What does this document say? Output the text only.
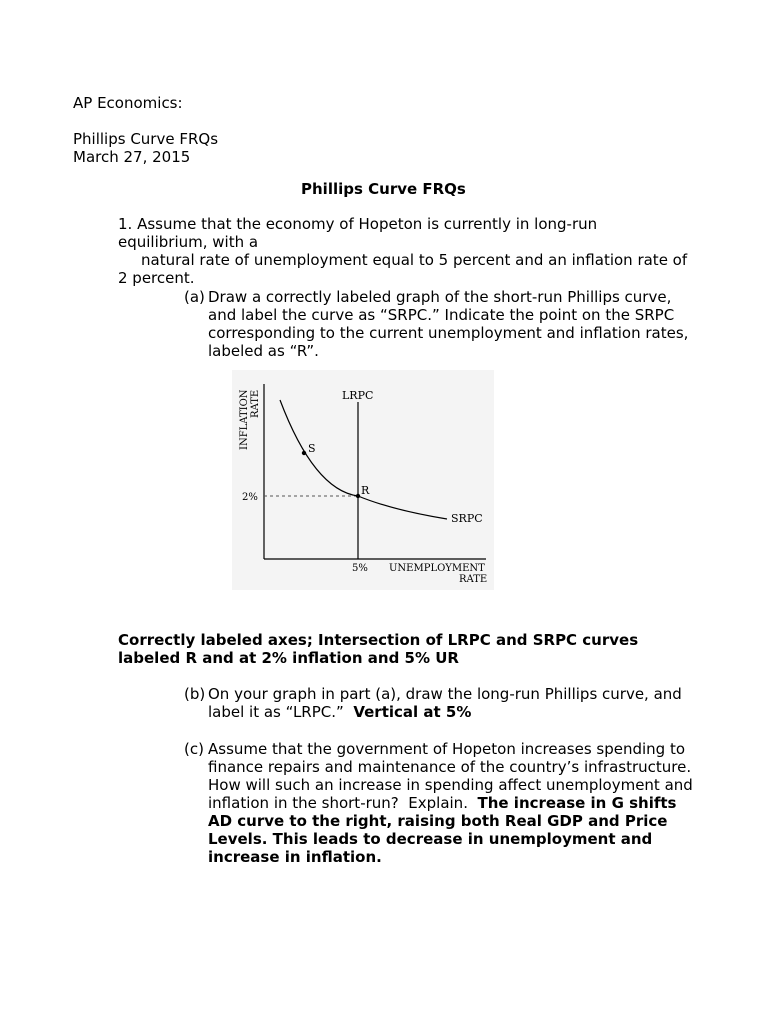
AP Economics:
Phillips Curve FRQs
March 27, 2015
Phillips Curve FRQs
1. Assume that the economy of Hopeton is currently in long-run
equilibrium, with a
natural rate of unemployment equal to 5 percent and an inflation rate of
2 percent.
(a) Draw a correctly labeled graph of the short-run Phillips curve,
and label the curve as “SRPC.” Indicate the point on the SRPC
corresponding to the current unemployment and inflation rates,
labeled as “R”.
LRPC
SRPC
S
R
2%
5% UNEMPLOYMENT
RATE
INFLATION RATE
Correctly labeled axes; Intersection of LRPC and SRPC curves
labeled R and at 2% inflation and 5% UR
(b) On your graph in part (a), draw the long-run Phillips curve, and
label it as “LRPC.”  Vertical at 5%
(c) Assume that the government of Hopeton increases spending to
finance repairs and maintenance of the country’s infrastructure.
How will such an increase in spending affect unemployment and
inflation in the short-run?  Explain.  The increase in G shifts
AD curve to the right, raising both Real GDP and Price
Levels. This leads to decrease in unemployment and
increase in inflation.
